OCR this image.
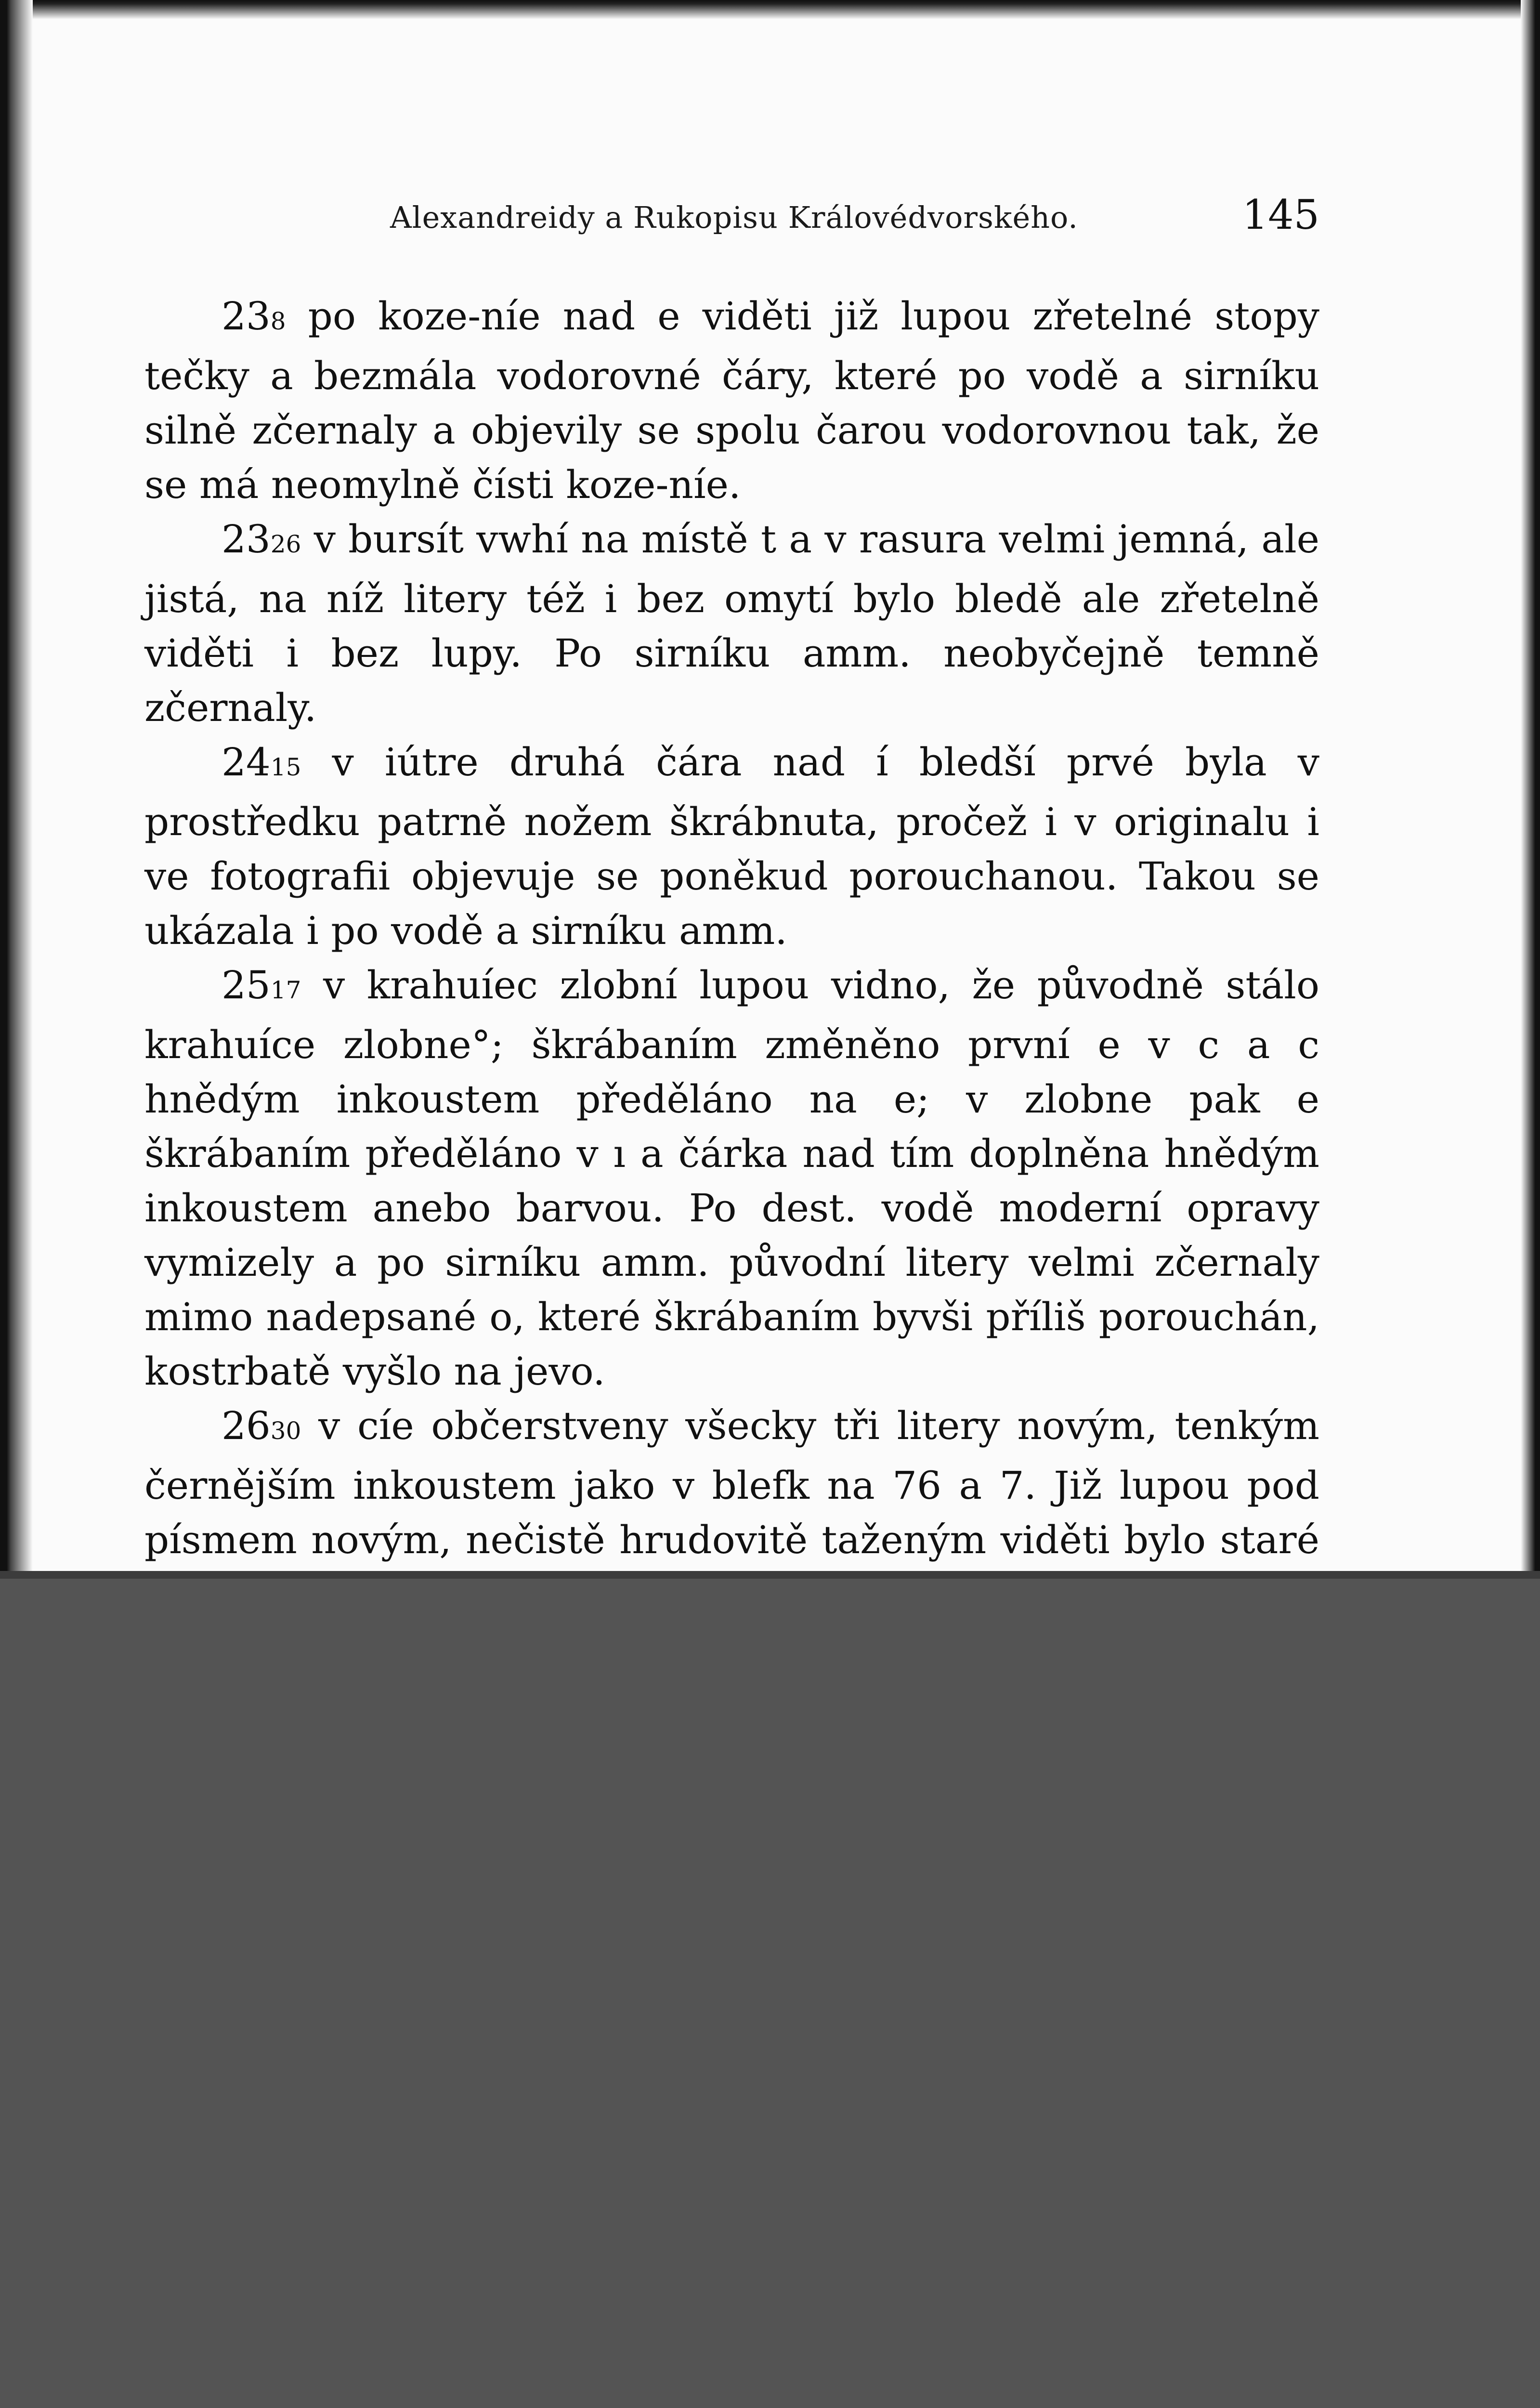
Alexandreidy a Rukopisu Královédvorského.	145

238 po koze-níe nad e viděti již lupou zřetelné stopy tečky a bezmála vodorovné čáry, které po vodě a sirníku silně zčernaly a objevily se spolu čarou vodorovnou tak, že se má neomylně čísti koze-níe.

2326 v bursít vwhí na místě t a v rasura velmi jemná, ale jistá, na níž litery též i bez omytí bylo bledě ale zřetelně viděti i bez lupy. Po sirníku amm. neobyčejně temně zčernaly.

2415 v iútre druhá čára nad í bledší prvé byla v prostředku patrně nožem škrábnuta, pročež i v originalu i ve fotografii objevuje se poněkud porouchanou. Takou se ukázala i po vodě a sirníku amm.

2517 v krahuíec zlobní lupou vidno, že původně stálo krahuíce zlobne°; škrábaním změněno první e v c a c hnědým inkoustem předěláno na e; v zlobne pak e škrábaním předěláno v ı a čárka nad tím doplněna hnědým inkoustem anebo barvou. Po dest. vodě moderní opravy vymizely a po sirníku amm. původní litery velmi zčernaly mimo nadepsané o, které škrábaním byvši příliš porouchán, kostrbatě vyšlo na jevo.

2630 v cíe občerstveny všecky tři litery novým, tenkým černějším inkoustem jako v blefk na 76 a 7. Již lupou pod písmem novým, nečistě hrudovitě taženým viděti bylo staré
